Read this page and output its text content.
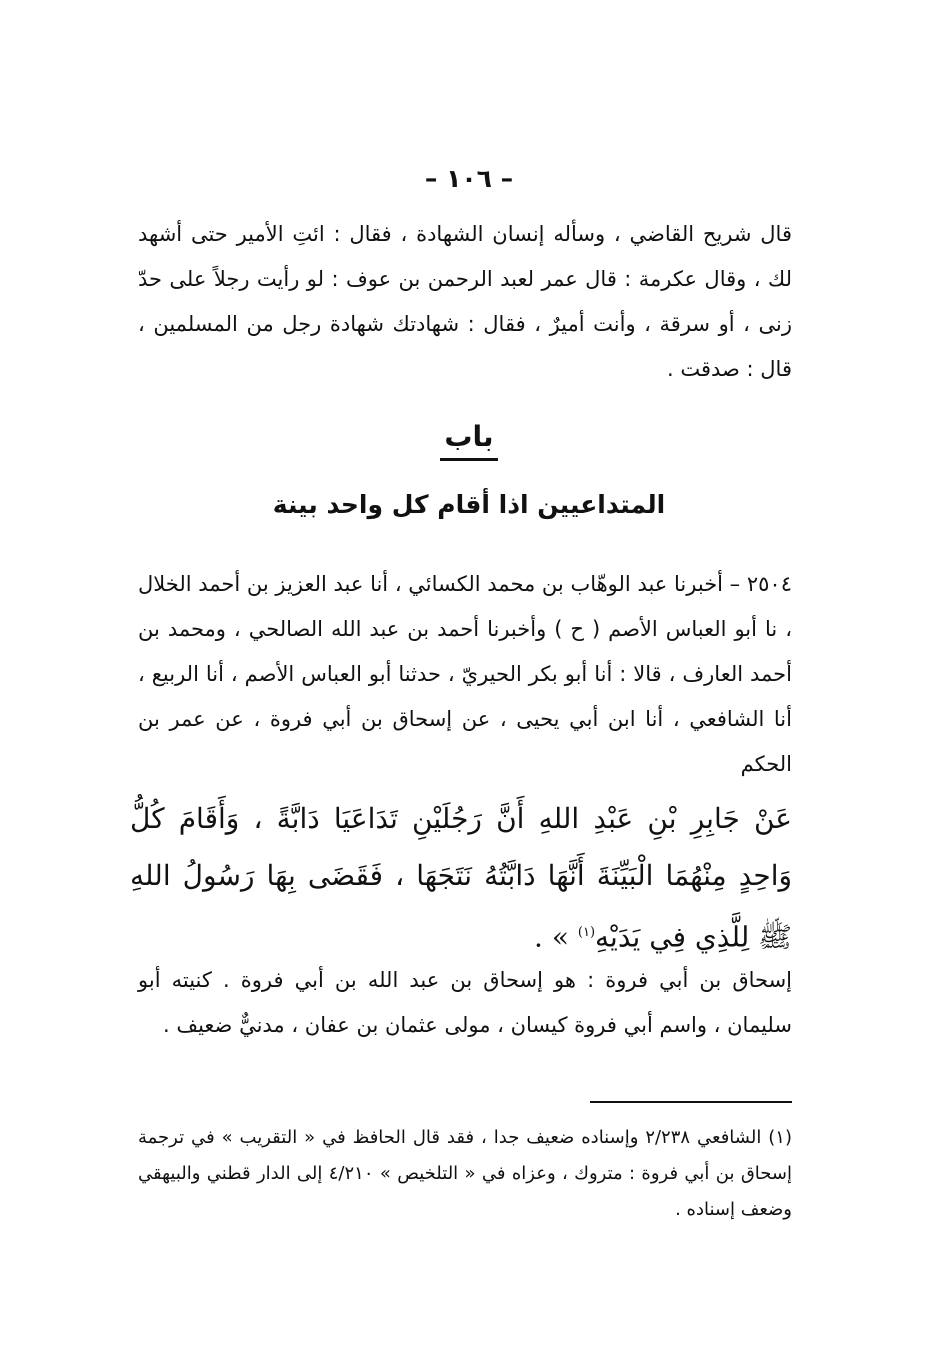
– ١٠٦ –
قال شريح القاضي ، وسأله إنسان الشهادة ، فقال : ائتِ الأمير حتى أشهد لك ، وقال عكرمة : قال عمر لعبد الرحمن بن عوف : لو رأيت رجلاً على حدّ زنى ، أو سرقة ، وأنت أميرٌ ، فقال : شهادتك شهادة رجل من المسلمين ، قال : صدقت .
باب
المتداعيين اذا أقام كل واحد بينة
٢٥٠٤ – أخبرنا عبد الوهّاب بن محمد الكسائي ، أنا عبد العزيز بن أحمد الخلال ، نا أبو العباس الأصم ( ح ) وأخبرنا أحمد بن عبد الله الصالحي ، ومحمد بن أحمد العارف ، قالا : أنا أبو بكر الحيريّ ، حدثنا أبو العباس الأصم ، أنا الربيع ، أنا الشافعي ، أنا ابن أبي يحيى ، عن إسحاق بن أبي فروة ، عن عمر بن الحكم
عَنْ جَابِرِ بْنِ عَبْدِ اللهِ أَنَّ رَجُلَيْنِ تَدَاعَيَا دَابَّةً ، وَأَقَامَ كُلُّ وَاحِدٍ مِنْهُمَا الْبَيِّنَةَ أَنَّهَا دَابَّتُهُ نَتَجَهَا ، فَقَضَى بِهَا رَسُولُ اللهِ ﷺ لِلَّذِي فِي يَدَيْهِ$^{(١)}$ » .
إسحاق بن أبي فروة : هو إسحاق بن عبد الله بن أبي فروة . كنيته أبو سليمان ، واسم أبي فروة كيسان ، مولى عثمان بن عفان ، مدنيٌّ ضعيف .
(١) الشافعي ٢/٢٣٨ وإسناده ضعيف جدا ، فقد قال الحافظ في « التقريب » في ترجمة إسحاق بن أبي فروة : متروك ، وعزاه في « التلخيص » ٤/٢١٠ إلى الدار قطني والبيهقي وضعف إسناده .
